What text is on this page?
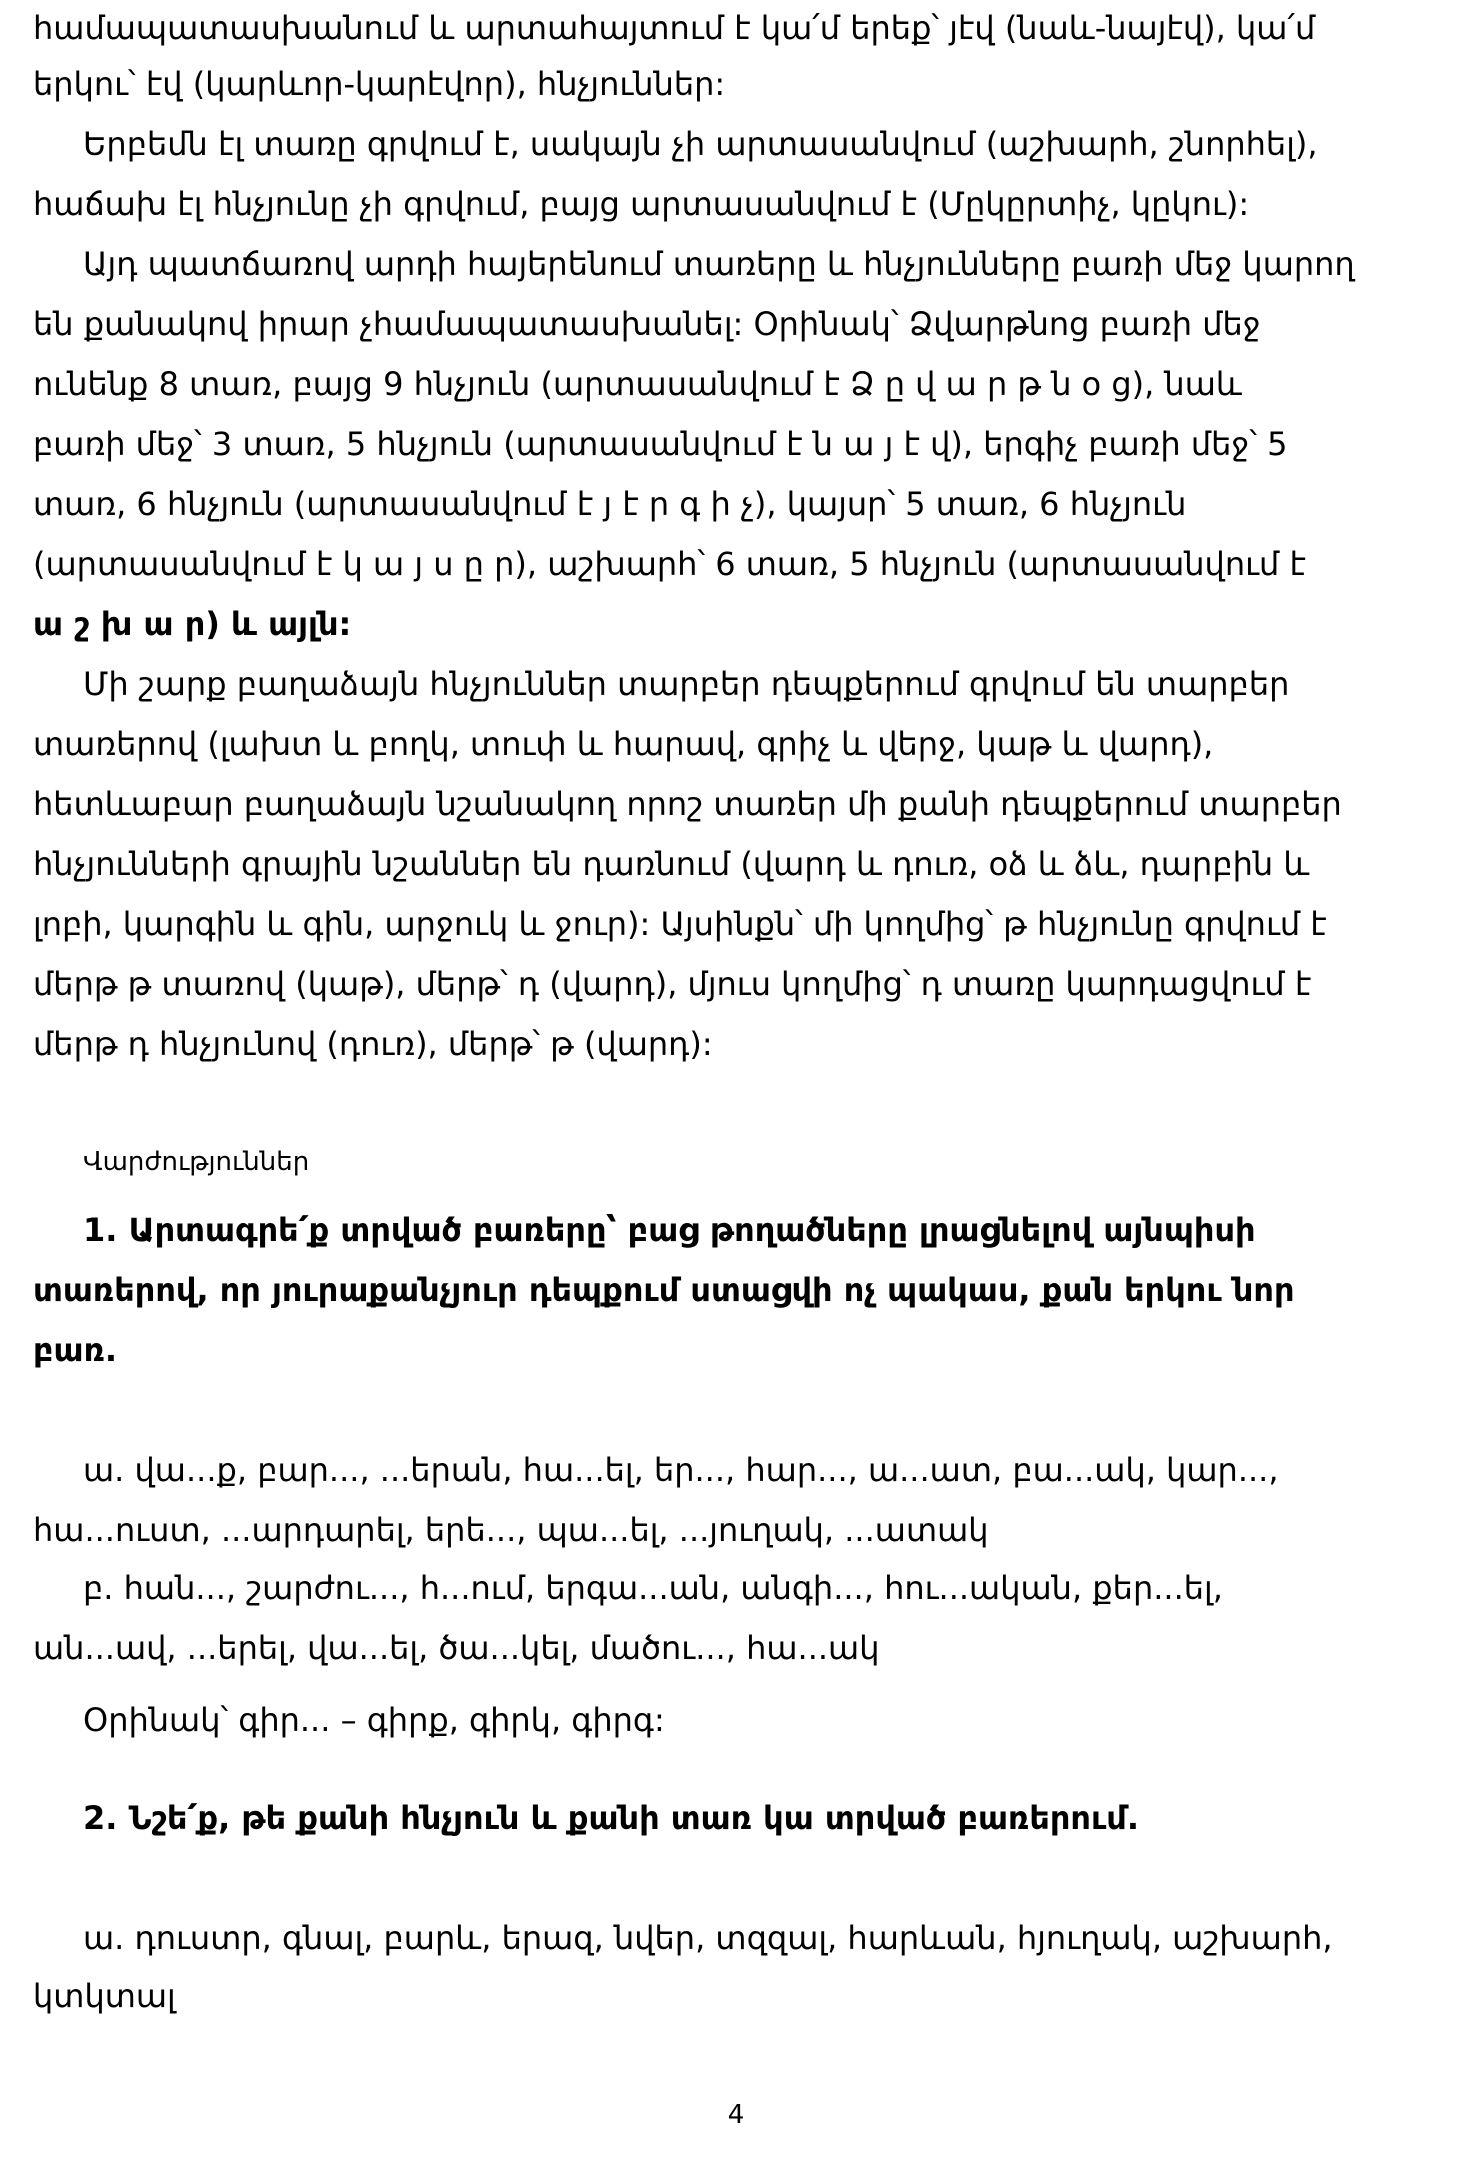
համապատասխանում և արտահայտում է կա՛մ երեք՝ յէվ (նաև-նայէվ), կա՛մ
երկու՝ էվ (կարևոր-կարէվոր), հնչյուններ:
Երբեմն էլ տառը գրվում է, սակայն չի արտասանվում (աշխարհ, շնորհել),
հաճախ էլ հնչյունը չի գրվում, բայց արտասանվում է (Մըկըրտիչ, կըկու):
Այդ պատճառով արդի հայերենում տառերը և հնչյունները բառի մեջ կարող
են քանակով իրար չհամապատասխանել: Օրինակ՝ Ձվարթնոց բառի մեջ
ունենք 8 տառ, բայց 9 հնչյուն (արտասանվում է Ձ ը վ ա ր թ ն օ ց), նաև
բառի մեջ՝ 3 տառ, 5 հնչյուն (արտասանվում է ն ա յ է վ), երգիչ բառի մեջ՝ 5
տառ, 6 հնչյուն (արտասանվում է յ է ր գ ի չ), կայսր՝ 5 տառ, 6 հնչյուն
(արտասանվում է կ ա յ ս ը ր), աշխարհ՝ 6 տառ, 5 հնչյուն (արտասանվում է
ա շ խ ա ր) և այլն:
Մի շարք բաղաձայն հնչյուններ տարբեր դեպքերում գրվում են տարբեր
տառերով (լախտ և բողկ, տուփ և հարավ, գրիչ և վերջ, կաթ և վարդ),
հետևաբար բաղաձայն նշանակող որոշ տառեր մի քանի դեպքերում տարբեր
հնչյունների գրային նշաններ են դառնում (վարդ և դուռ, օձ և ձև, դարբին և
լոբի, կարգին և գին, արջուկ և ջուր): Այսինքն՝ մի կողմից՝ թ հնչյունը գրվում է
մերթ թ տառով (կաթ), մերթ՝ դ (վարդ), մյուս կողմից՝ դ տառը կարդացվում է
մերթ դ հնչյունով (դուռ), մերթ՝ թ (վարդ):
Վարժություններ
1. Արտագրե՛ք տրված բառերը՝ բաց թողածները լրացնելով այնպիսի
տառերով, որ յուրաքանչյուր դեպքում ստացվի ոչ պակաս, քան երկու նոր
բառ.
ա. վա...ք, բար..., ...երան, հա...ել, եր..., հար..., ա...ատ, բա...ակ, կար...,
հա...ուստ, ...արդարել, երե..., պա...ել, ...յուղակ, ...ատակ
բ. հան..., շարժու..., հ...ում, երգա...ան, անգի..., հու...ական, քեր...ել,
ան...ավ, ...երել, վա...ել, ծա...կել, մածու..., հա...ակ
Օրինակ՝ գիր... – գիրք, գիրկ, գիրգ:
2. Նշե՛ք, թե քանի հնչյուն և քանի տառ կա տրված բառերում.
ա. դուստր, գնալ, բարև, երազ, նվեր, տզզալ, հարևան, հյուղակ, աշխարհ,
կտկտալ
4
